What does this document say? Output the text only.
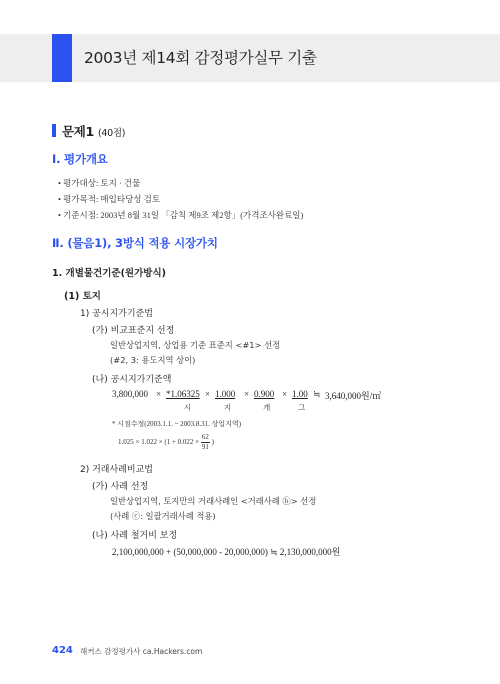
2003년 제14회 감정평가실무 기출
문제1 (40점)
Ⅰ. 평가개요
• 평가대상: 토지 · 건물
• 평가목적: 매입타당성 검토
• 기준시점: 2003년 8월 31일 「감칙 제9조 제2항」(가격조사완료일)
Ⅱ. (물음1), 3방식 적용 시장가치
1. 개별물건기준(원가방식)
(1) 토지
1) 공시지가기준법
(가) 비교표준지 선정
일반상업지역, 상업용 기준 표준지 <#1> 선정
(#2, 3: 용도지역 상이)
(나) 공시지가기준액
3,800,000 × *1.06325 × 1.000 × 0.900 × 1.00 ≒ 3,640,000원/㎡
시	지	개	그
* 시점수정(2003.1.1. ~ 2003.8.31. 상업지역)
$1.025 \times 1.022 \times (1 + 0.022 \times \frac{62}{91}$ )
2) 거래사례비교법
(가) 사례 선정
일반상업지역, 토지만의 거래사례인 <거래사례 ⓑ> 선정
(사례 ⓒ: 일괄거래사례 적용)
(나) 사례 철거비 보정
2,100,000,000 + (50,000,000 - 20,000,000) ≒ 2,130,000,000원
424 해커스 감정평가사 ca.Hackers.com
